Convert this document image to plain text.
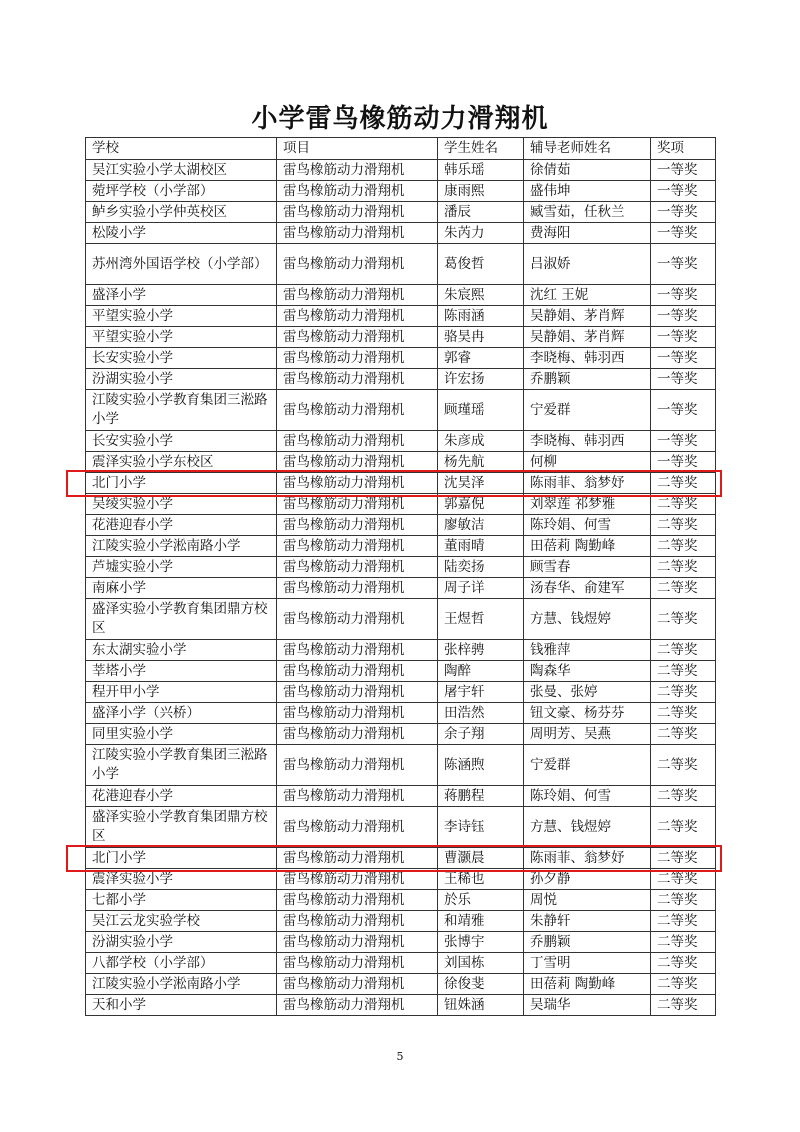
小学雷鸟橡筋动力滑翔机
学校	项目	学生姓名	辅导老师姓名	奖项
吴江实验小学太湖校区	雷鸟橡筋动力滑翔机	韩乐瑶	徐倩茹	一等奖
菀坪学校（小学部）	雷鸟橡筋动力滑翔机	康雨熙	盛伟坤	一等奖
鲈乡实验小学仲英校区	雷鸟橡筋动力滑翔机	潘辰	臧雪茹，任秋兰	一等奖
松陵小学	雷鸟橡筋动力滑翔机	朱芮力	费海阳	一等奖
苏州湾外国语学校（小学部）	雷鸟橡筋动力滑翔机	葛俊哲	吕淑娇	一等奖
盛泽小学	雷鸟橡筋动力滑翔机	朱宸熙	沈红 王妮	一等奖
平望实验小学	雷鸟橡筋动力滑翔机	陈雨涵	吴静娟、茅肖辉	一等奖
平望实验小学	雷鸟橡筋动力滑翔机	骆昊冉	吴静娟、茅肖辉	一等奖
长安实验小学	雷鸟橡筋动力滑翔机	郭睿	李晓梅、韩羽西	一等奖
汾湖实验小学	雷鸟橡筋动力滑翔机	许宏扬	乔鹏颖	一等奖
江陵实验小学教育集团三淞路小学	雷鸟橡筋动力滑翔机	顾瑾瑶	宁爱群	一等奖
长安实验小学	雷鸟橡筋动力滑翔机	朱彦成	李晓梅、韩羽西	一等奖
震泽实验小学东校区	雷鸟橡筋动力滑翔机	杨先航	何柳	一等奖
北门小学	雷鸟橡筋动力滑翔机	沈昊泽	陈雨菲、翁梦妤	二等奖
吴绫实验小学	雷鸟橡筋动力滑翔机	郭嘉倪	刘翠莲 祁梦雅	二等奖
花港迎春小学	雷鸟橡筋动力滑翔机	廖敏洁	陈玲娟、何雪	二等奖
江陵实验小学淞南路小学	雷鸟橡筋动力滑翔机	董雨晴	田蓓莉 陶勤峰	二等奖
芦墟实验小学	雷鸟橡筋动力滑翔机	陆奕扬	顾雪春	二等奖
南麻小学	雷鸟橡筋动力滑翔机	周子详	汤春华、俞建军	二等奖
盛泽实验小学教育集团鼎方校区	雷鸟橡筋动力滑翔机	王煜哲	方慧、钱煜婷	二等奖
东太湖实验小学	雷鸟橡筋动力滑翔机	张梓骋	钱雅萍	二等奖
莘塔小学	雷鸟橡筋动力滑翔机	陶醉	陶森华	二等奖
程开甲小学	雷鸟橡筋动力滑翔机	屠宇轩	张曼、张婷	二等奖
盛泽小学（兴桥）	雷鸟橡筋动力滑翔机	田浩然	钮文豪、杨芬芬	二等奖
同里实验小学	雷鸟橡筋动力滑翔机	余子翔	周明芳、吴燕	二等奖
江陵实验小学教育集团三淞路小学	雷鸟橡筋动力滑翔机	陈涵煦	宁爱群	二等奖
花港迎春小学	雷鸟橡筋动力滑翔机	蒋鹏程	陈玲娟、何雪	二等奖
盛泽实验小学教育集团鼎方校区	雷鸟橡筋动力滑翔机	李诗钰	方慧、钱煜婷	二等奖
北门小学	雷鸟橡筋动力滑翔机	曹灏晨	陈雨菲、翁梦妤	二等奖
震泽实验小学	雷鸟橡筋动力滑翔机	王稀也	孙夕静	二等奖
七都小学	雷鸟橡筋动力滑翔机	於乐	周悦	二等奖
吴江云龙实验学校	雷鸟橡筋动力滑翔机	和靖雅	朱静轩	二等奖
汾湖实验小学	雷鸟橡筋动力滑翔机	张博宇	乔鹏颖	二等奖
八都学校（小学部）	雷鸟橡筋动力滑翔机	刘国栋	丁雪明	二等奖
江陵实验小学淞南路小学	雷鸟橡筋动力滑翔机	徐俊斐	田蓓莉 陶勤峰	二等奖
天和小学	雷鸟橡筋动力滑翔机	钮姝涵	吴瑞华	二等奖
5
